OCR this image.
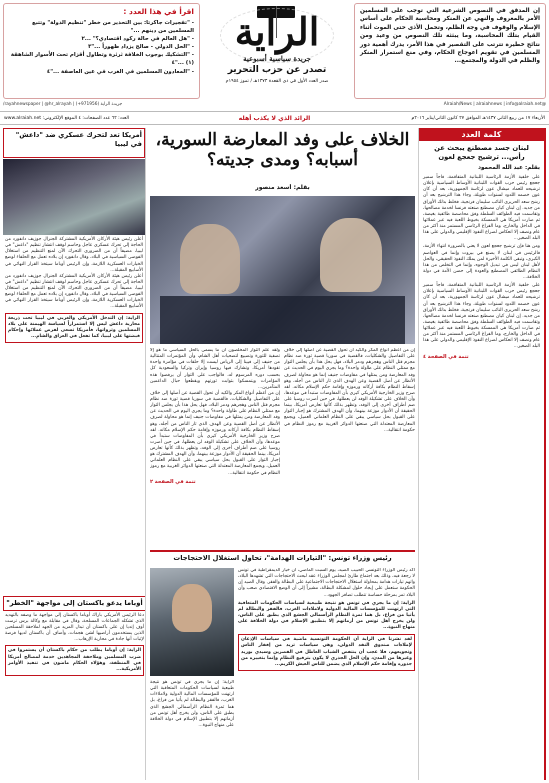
إن المدقق في النصوص الشرعية التي توجب على المسلمين الأمر بالمعروف والنهي عن المنكر ومحاسبة الحكام على أساس الإسلام والوقوف في وجه الظلم، وتحمل الأذى حتى الموت أثناء القيام بتلك المحاسبة، وما يبثثه تلك النصوص من وعيد ومن نتائج خطيرة تترتب على التقصير في هذا الأمر، يدرك أهمية دور المسلمين في تقويم اعوجاج الحكام، وفي منع استمرار المنكر والظلم في الدولة والمجتمع...

الراية
جريدة سياسية أسبوعية
تصدر عن حزب التحرير
صدر العدد الأول في ذي القعدة ١٣٧٣هـ / تموز ١٩٥٤م
اقرأ في هذا العدد :
- "تفجيرات جاكرتا: بين التحذير من خطر "تنظيم الدولة" وتتبع المسلمين من دينهم ..."
- "هل العالم في حالة ركود اقتصادي؟" ...٢
- "الحل الدولي - صالح يزداد ظهوراً ..."٣
- "التشكيك بوجوب الخلافة ثرثرة وتطاول أقزام تحت الأسوار الشاهقة (١) ..."٤
- "المعادون المسلمين في الغرب في عين العاصفة ..."٤
@Alraiah/News | alraiahnews | info@alraiah.net
/rayahnewspaper | @hr_alrayah | (+971956) جريدة الراية
الأربعاء ١٧ من ربيع الثاني ١٤٣٧هـ الموافق ٢٧ كانون الثاني/يناير ٢٠١٦م
الرائد الذي لا يكذب أهله
العدد: ٦٢ عدد الصفحات: ٤ الموقع الإلكتروني: www.alraiah.net
كلمة العدد
لبنان جسد مصطنع يبحث عن رأس... ترشيح جعجع لعون
بقلم: عبد الله المحمود

على خلفية الأزمة الرئاسية اللبنانية المتفاقمة، فاجأ سمير جعجع رئيس حزب القوات اللبنانية الأوساط السياسية بإعلان ترشيحه للعماد ميشال عون لرئاسة الجمهورية، بعد أن كان عون خصمه اللدود لسنوات طويلة، وجاء هذا الترشيح بعد أن رشح سعد الحريري النائب سليمان فرنجية، فخلط بذلك الأوراق من جديد. إن لبنان كيان مصطنع صنعته فرنسا لخدمة مصالحها، وتقاسمت فيه الطوائف السلطة وفق محاصصة طائفية بغيضة، ثم صارت أمريكا هي الممسكة بخيوط اللعبة فيه عبر عملائها في الداخل والخارج، وما الفراغ الرئاسي المستمر منذ أكثر من عام ونصف إلا انعكاس لصراع النفوذ الإقليمي والدولي على هذا البلد الصغير...

ومن هنا فإن ترشيح جعجع لعون لا يعني بالضرورة انتهاء الأزمة، فالرئيس في لبنان لا يصنع في بيروت وإنما في العواصم الكبرى، وتبقى الكلمة الأخيرة لمن يملك النفوذ الحقيقي، والحل لأهل لبنان ليس في تبديل الوجوه، وإنما في التخلص من هذا النظام الطائفي المصطنع والعودة إلى حضن الأمة في دولة الخلافة...

على خلفية الأزمة الرئاسية اللبنانية المتفاقمة، فاجأ سمير جعجع رئيس حزب القوات اللبنانية الأوساط السياسية بإعلان ترشيحه للعماد ميشال عون لرئاسة الجمهورية، بعد أن كان عون خصمه اللدود لسنوات طويلة، وجاء هذا الترشيح بعد أن رشح سعد الحريري النائب سليمان فرنجية، فخلط بذلك الأوراق من جديد. إن لبنان كيان مصطنع صنعته فرنسا لخدمة مصالحها، وتقاسمت فيه الطوائف السلطة وفق محاصصة طائفية بغيضة، ثم صارت أمريكا هي الممسكة بخيوط اللعبة فيه عبر عملائها في الداخل والخارج، وما الفراغ الرئاسي المستمر منذ أكثر من عام ونصف إلا انعكاس لصراع النفوذ الإقليمي والدولي على هذا البلد الصغير...

تتمة في الصفحة ٤
الخلاف على وفد المعارضة السورية،
أسبابه؟ ومدى جديته؟
بقلم: أسعد منصور

إن من أعظم أنواع المكر والكيد أن تحول القضية عن أصلها إلى خلاف على التفاصيل والشكليات، فالقضية في سوريا قضية ثورة ضد نظام مجرم قتل الناس وهجرهم ودمر البلاد، فهل يحل هذا بأن يجلس الثوار مع ممثلي النظام على طاولة واحدة؟ وما يجري اليوم في الحديث عن وفد المعارضة ومن يمثلها في مفاوضات جنيف إنما هو محاولة لصرف الأنظار عن أصل القضية وعن الهدف الذي ثار الناس من أجله، وهو إسقاط النظام بكافة أركانه ورموزه وإقامة حكم الإسلام مكانه. لقد صرح وزير الخارجية الأمريكي كيري بأن المفاوضات ستبدأ في موعدها، وأن الخلاف على تشكيلة الوفد لن يعطلها، في حين أصرت روسيا على ضم أطراف أخرى إلى الوفد، وتظهر بذلك كأنها تعارض أمريكا، بينما الحقيقة أن الأدوار موزعة بينهما، وأن الهدف المشترك هو إجبار الثوار على القبول بحل سياسي يبقي على النظام العلماني العميل، ويجمع المعارضة المعتدلة التي صنعتها الدوائر الغربية مع رموز النظام في حكومة انتقالية...

ولقد علم الثوار المخلصون أن ما يسمى بالحل السياسي ما هو إلا تصفية للثورة وتضييع لتضحيات أهل الشام، وأن المؤتمرات المتتالية من جنيف إلى فيينا إلى الرياض ليست إلا حلقات في مؤامرة واحدة تقودها أمريكا، وتشارك فيها روسيا وإيران وتركيا والسعودية كل بحسب دوره المرسوم له، فالواجب على الثوار أن يرفضوا هذه المؤامرات ويتمسكوا بثوابت ثورتهم ويقطعوا حبال الداعمين المتآمرين...

إن من أعظم أنواع المكر والكيد أن تحول القضية عن أصلها إلى خلاف على التفاصيل والشكليات، فالقضية في سوريا قضية ثورة ضد نظام مجرم قتل الناس وهجرهم ودمر البلاد، فهل يحل هذا بأن يجلس الثوار مع ممثلي النظام على طاولة واحدة؟ وما يجري اليوم في الحديث عن وفد المعارضة ومن يمثلها في مفاوضات جنيف إنما هو محاولة لصرف الأنظار عن أصل القضية وعن الهدف الذي ثار الناس من أجله، وهو إسقاط النظام بكافة أركانه ورموزه وإقامة حكم الإسلام مكانه. لقد صرح وزير الخارجية الأمريكي كيري بأن المفاوضات ستبدأ في موعدها، وأن الخلاف على تشكيلة الوفد لن يعطلها، في حين أصرت روسيا على ضم أطراف أخرى إلى الوفد، وتظهر بذلك كأنها تعارض أمريكا، بينما الحقيقة أن الأدوار موزعة بينهما، وأن الهدف المشترك هو إجبار الثوار على القبول بحل سياسي يبقي على النظام العلماني العميل، ويجمع المعارضة المعتدلة التي صنعتها الدوائر الغربية مع رموز النظام في حكومة انتقالية...

تتمة في الصفحة ٢
رئيس وزراء تونس: "التيارات الهدامة"، تحاول استغلال الاحتجاجات

أكد رئيس الوزراء التونسي الحبيب الصيد، يوم السبت الماضي، أن خيار الديمقراطية في تونس لا رجعة فيه، وذلك بعد اجتماع طارئ لمجلس الوزراء عقد لبحث الاحتجاجات التي تشهدها البلاد، واتهم تيارات هدامة بمحاولة استغلال الاحتجاجات الاجتماعية على البطالة والفقر. وقال الصيد إن الحكومة ستعمل على إيجاد حلول لمشكلة البطالة، مشيراً إلى أن الوضع الاقتصادي صعب وأن البلاد تمر بمرحلة حساسة تتطلب تضافر الجهود...

الراية: إن ما يجري في تونس هو نتيجة طبيعية لسياسات الحكومات المتعاقبة التي ارتهنت للمؤسسات المالية الدولية ولاملاءات الغرب، فالفقر والبطالة لم يأتيا من فراغ، بل هما ثمرة النظام الرأسمالي الجشع الذي يطبق على الناس، ولن يخرج أهل تونس من أزماتهم إلا بتطبيق الإسلام في دولة الخلافة على منهاج النبوة...

لقد نشرنا في الراية أن الحكومة التونسية ماضية في سياسات الإذعان لإملاءات صندوق النقد الدولي، وهي سياسات تزيد من إفقار الناس وتجويعهم، فلا عجب أن ينتفض الشباب العاطل في القصرين وسيدي بوزيد وغيرها من المدن، وإن الحل الجذري لا يكون بترقيع النظام وإنما بتغييره من جذوره وإقامة حكم الإسلام الذي يضمن للناس العيش الكريم...

الراية: إن ما يجري في تونس هو نتيجة طبيعية لسياسات الحكومات المتعاقبة التي ارتهنت للمؤسسات المالية الدولية ولاملاءات الغرب، فالفقر والبطالة لم يأتيا من فراغ، بل هما ثمرة النظام الرأسمالي الجشع الذي يطبق على الناس، ولن يخرج أهل تونس من أزماتهم إلا بتطبيق الإسلام في دولة الخلافة على منهاج النبوة...

أمريكا تعد لتحرك عسكري ضد "داعش" في ليبيا

أعلن رئيس هيئة الأركان الأمريكية المشتركة الجنرال جوزيف دانفورد من الحاجة إلى تحرك عسكري عاجل وحاسم لوقف انتشار تنظيم "داعش" في ليبيا، مضيفاً أن من الضروري التحرك الآن لمنع التنظيم من استغلال الفوضى السياسية في البلاد، وقال دانفورد إن بلاده تعمل مع الحلفاء لوضع الخيارات العسكرية اللازمة، وإن الرئيس أوباما سيتخذ القرار النهائي في الأسابيع المقبلة...

أعلن رئيس هيئة الأركان الأمريكية المشتركة الجنرال جوزيف دانفورد من الحاجة إلى تحرك عسكري عاجل وحاسم لوقف انتشار تنظيم "داعش" في ليبيا، مضيفاً أن من الضروري التحرك الآن لمنع التنظيم من استغلال الفوضى السياسية في البلاد، وقال دانفورد إن بلاده تعمل مع الحلفاء لوضع الخيارات العسكرية اللازمة، وإن الرئيس أوباما سيتخذ القرار النهائي في الأسابيع المقبلة...

الراية: إن التدخل الأمريكي والغربي في ليبيا تحت ذريعة محاربة داعش ليس إلا استمراراً لسياسة الهيمنة على بلاد المسلمين وثرواتها، فأمريكا تسعى لفرض عملائها وإحكام قبضتها على ليبيا، كما تفعل في العراق والشام...

أوباما يدعو باكستان إلى مواجهة "الخطر"

دعا الرئيس الأمريكي باراك أوباما باكستان إلى مواجهة ما وصفه بالتهديد الذي تشكله الجماعات المسلحة، وقال في مقابلة مع وكالة برس ترست أوف إنديا إن على باكستان أن تبذل المزيد من الجهد لملاحقة المسلحين الذين يستخدمون أراضيها لشن هجمات، وأضاف أن باكستان لديها فرصة لإثبات أنها جادة في محاربة الإرهاب...

الراية: إن أوباما يطلب من حكام باكستان أن يستمروا في ضرب المسلمين وملاحقة المجاهدين خدمة لمصالح أمريكا في المنطقة، وهؤلاء الحكام ماضون في تنفيذ الأوامر الأمريكية...
